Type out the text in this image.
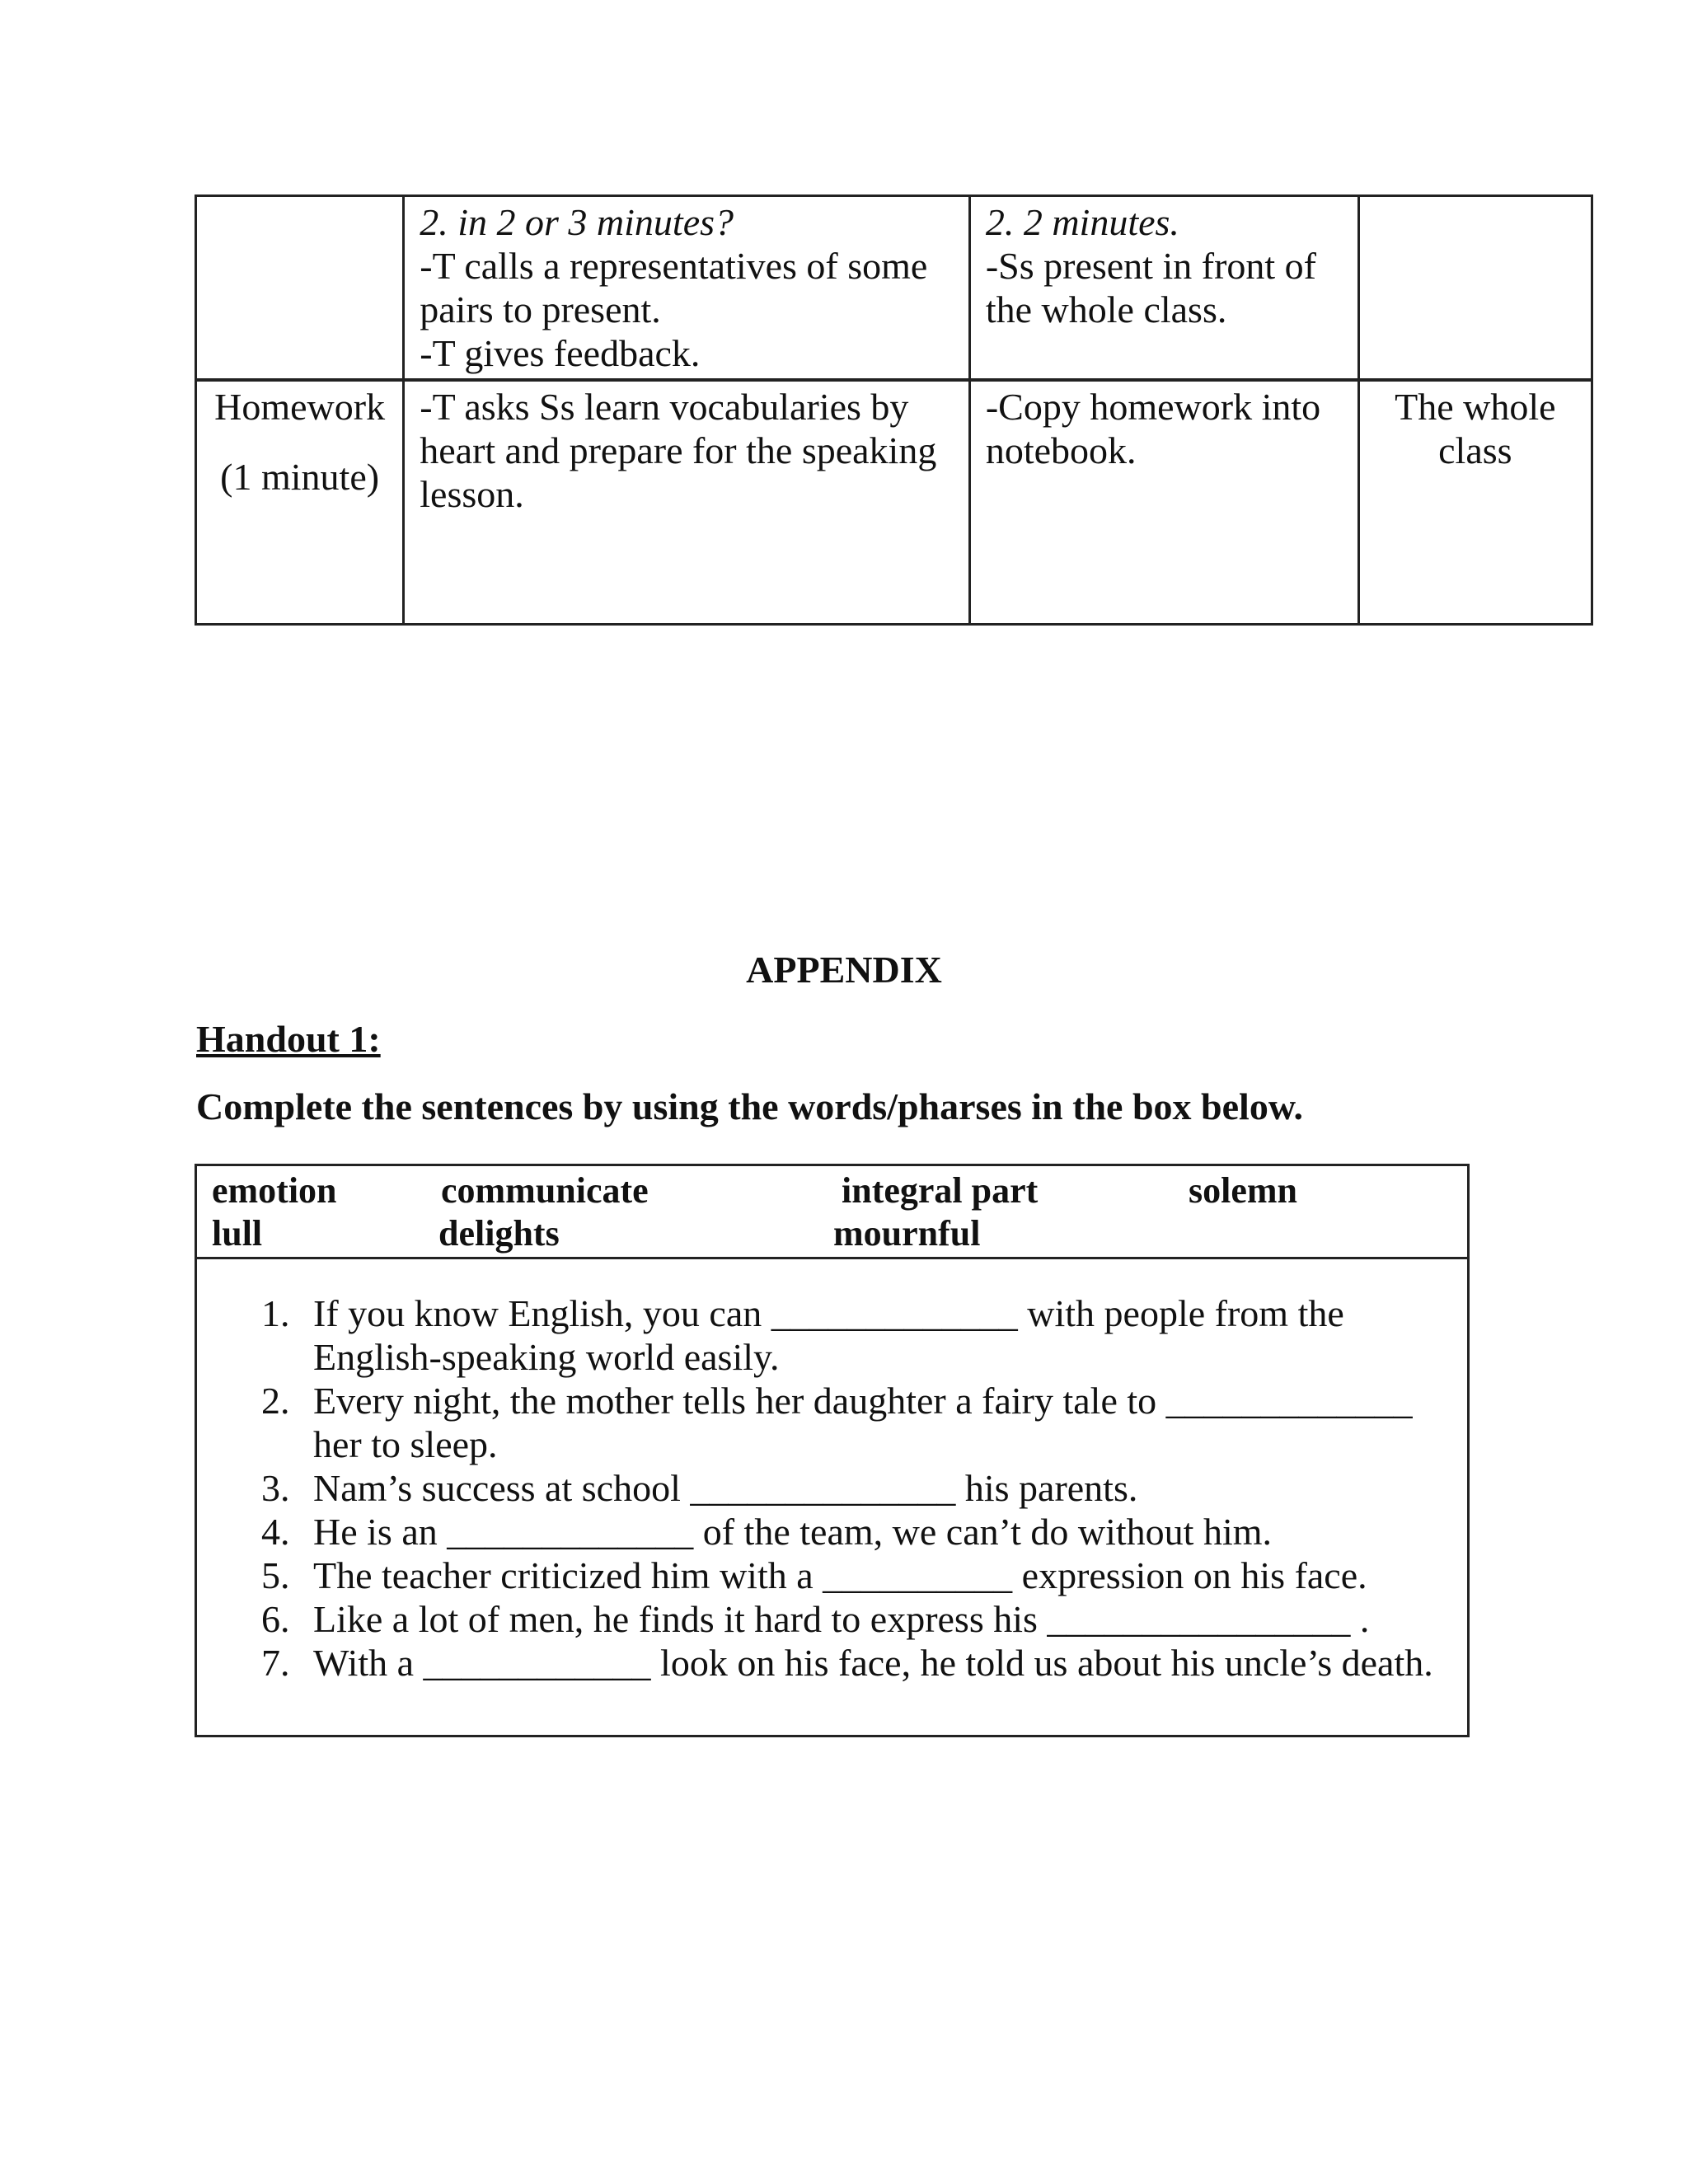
	2. in 2 or 3 minutes?
-T calls a representatives of some
pairs to present.
-T gives feedback.	2. 2 minutes.
-Ss present in front of
the whole class.	

Homework
(1 minute)	-T asks Ss learn vocabularies by
heart and prepare for the speaking
lesson.	-Copy homework into
notebook.	The whole
class
APPENDIX
Handout 1:
Complete the sentences by using the words/pharses in the box below.
emotion	communicate	integral part	solemn
lull	delights	mournful
1. If you know English, you can _____________ with people from the
English-speaking world easily.
2. Every night, the mother tells her daughter a fairy tale to _____________
her to sleep.
3. Nam’s success at school ______________ his parents.
4. He is an _____________ of the team, we can’t do without him.
5. The teacher criticized him with a __________ expression on his face.
6. Like a lot of men, he finds it hard to express his ________________ .
7. With a ____________ look on his face, he told us about his uncle’s death.
